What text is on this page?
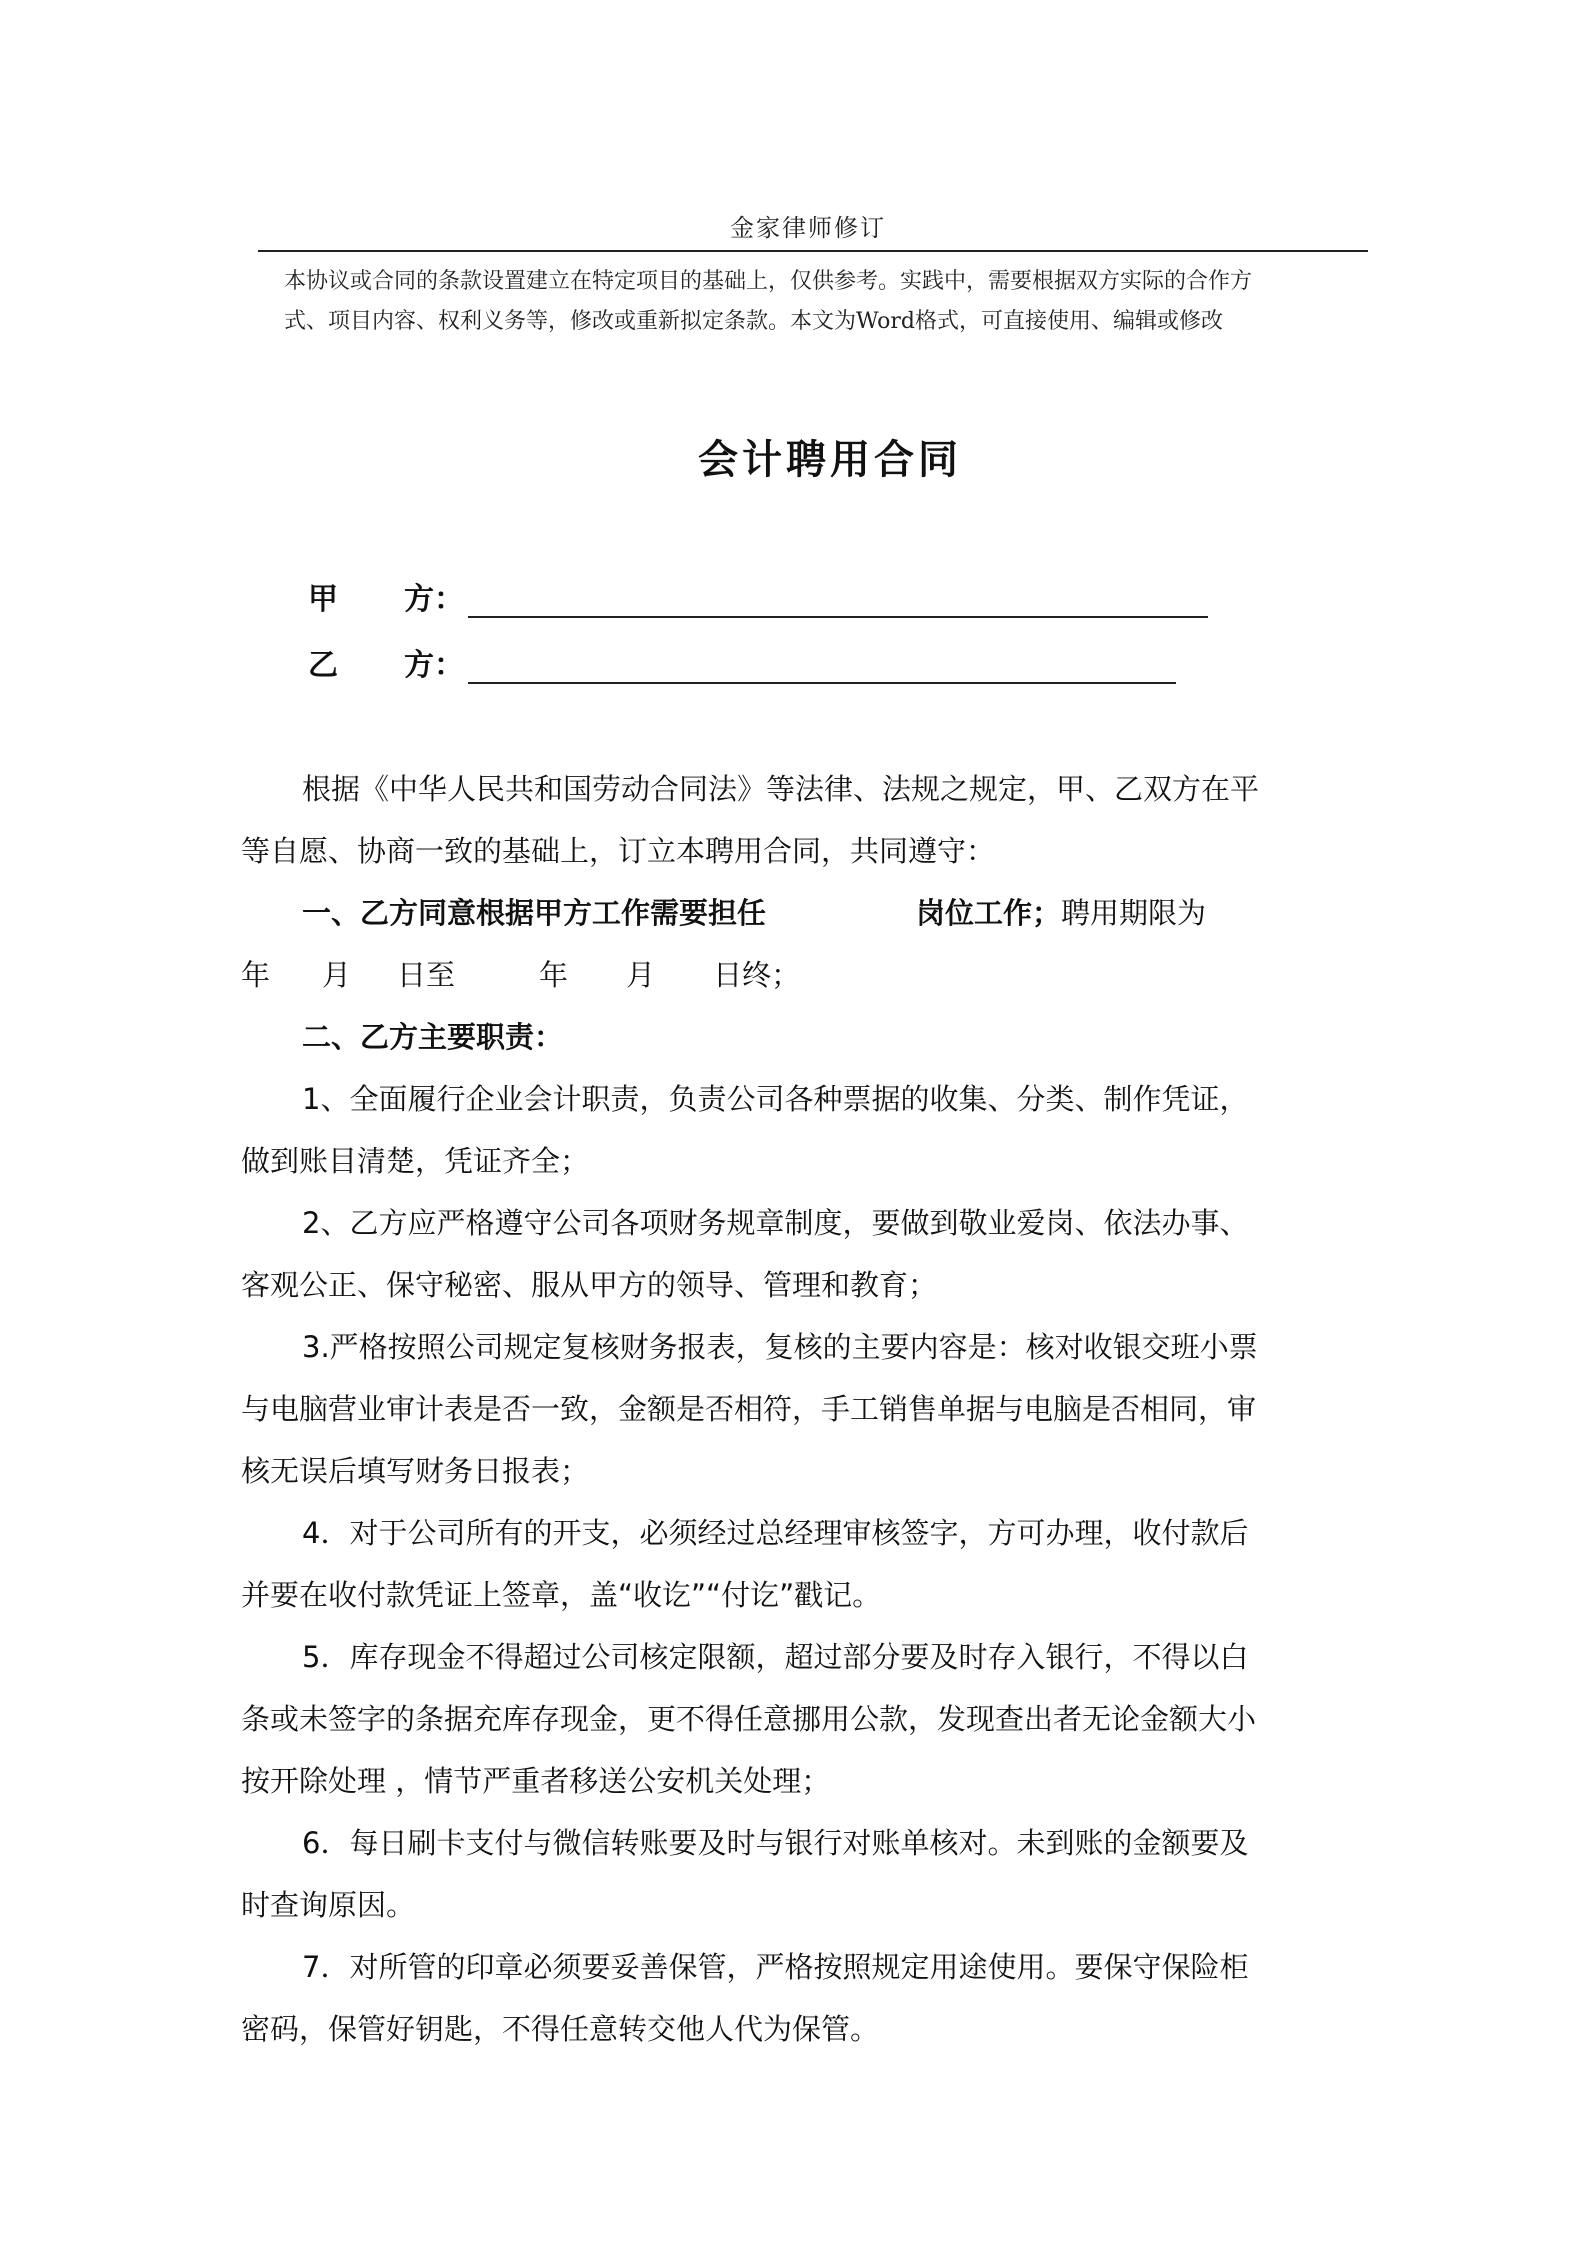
金家律师修订
本协议或合同的条款设置建立在特定项目的基础上，仅供参考。实践中，需要根据双方实际的合作方
式、项目内容、权利义务等，修改或重新拟定条款。本文为Word格式，可直接使用、编辑或修改
会计聘用合同
甲	方：
乙	方：
根据《中华人民共和国劳动合同法》等法律、法规之规定，甲、乙双方在平
等自愿、协商一致的基础上，订立本聘用合同，共同遵守：
一、乙方同意根据甲方工作需要担任	岗位工作；聘用期限为
年 月 日至	年 月 日终；
二、乙方主要职责：
1、全面履行企业会计职责，负责公司各种票据的收集、分类、制作凭证，
做到账目清楚，凭证齐全；
2、乙方应严格遵守公司各项财务规章制度，要做到敬业爱岗、依法办事、
客观公正、保守秘密、服从甲方的领导、管理和教育；
3.严格按照公司规定复核财务报表，复核的主要内容是：核对收银交班小票
与电脑营业审计表是否一致，金额是否相符，手工销售单据与电脑是否相同，审
核无误后填写财务日报表；
4．对于公司所有的开支，必须经过总经理审核签字，方可办理，收付款后
并要在收付款凭证上签章，盖“收讫”“付讫”戳记。
5．库存现金不得超过公司核定限额，超过部分要及时存入银行，不得以白
条或未签字的条据充库存现金，更不得任意挪用公款，发现查出者无论金额大小
按开除处理 ，情节严重者移送公安机关处理；
6．每日刷卡支付与微信转账要及时与银行对账单核对。未到账的金额要及
时查询原因。
7．对所管的印章必须要妥善保管，严格按照规定用途使用。要保守保险柜
密码，保管好钥匙，不得任意转交他人代为保管。
